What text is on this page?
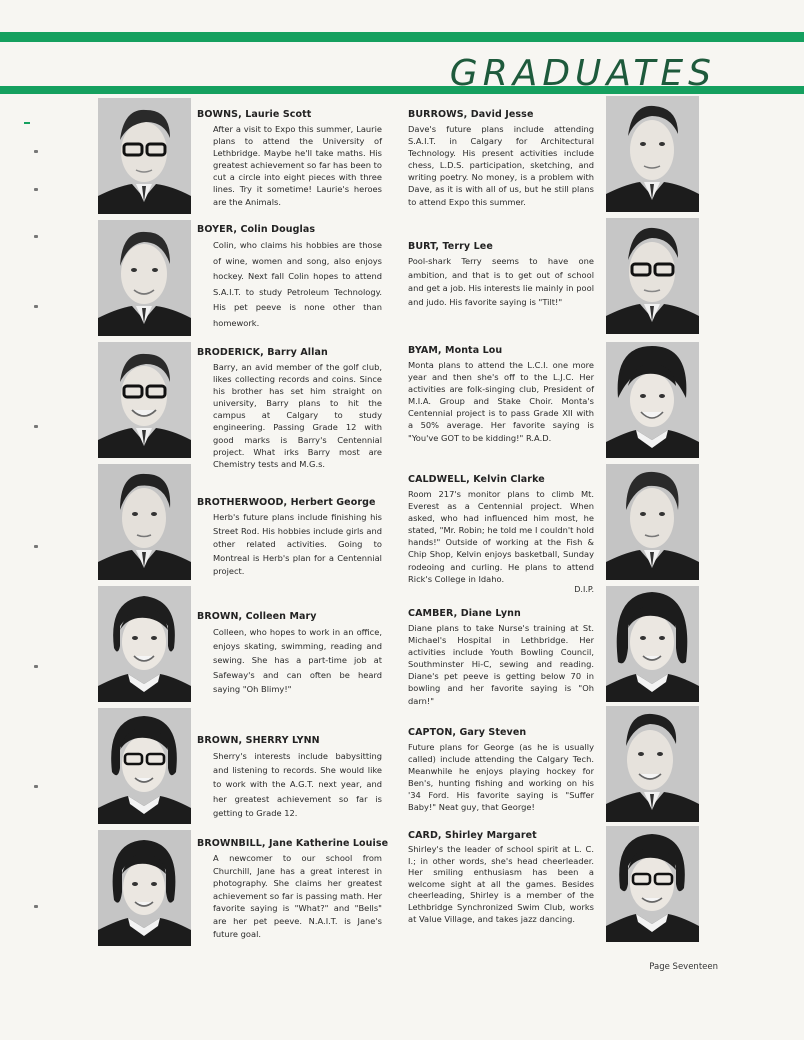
GRADUATES
BOWNS, Laurie Scott
After a visit to Expo this summer, Laurie plans to attend the University of Lethbridge. Maybe he'll take maths. His greatest achievement so far has been to cut a circle into eight pieces with three lines. Try it sometime! Laurie's heroes are the Animals.
BOYER, Colin Douglas
Colin, who claims his hobbies are those of wine, women and song, also enjoys hockey. Next fall Colin hopes to attend S.A.I.T. to study Petroleum Technology. His pet peeve is none other than homework.
BRODERICK, Barry Allan
Barry, an avid member of the golf club, likes collecting records and coins. Since his brother has set him straight on university, Barry plans to hit the campus at Calgary to study engineering. Passing Grade 12 with good marks is Barry's Centennial project. What irks Barry most are Chemistry tests and M.G.s.
BROTHERWOOD, Herbert George
Herb's future plans include finishing his Street Rod. His hobbies include girls and other related activities. Going to Montreal is Herb's plan for a Centennial project.
BROWN, Colleen Mary
Colleen, who hopes to work in an office, enjoys skating, swimming, reading and sewing. She has a part-time job at Safeway's and can often be heard saying "Oh Blimy!"
BROWN, SHERRY LYNN
Sherry's interests include babysitting and listening to records. She would like to work with the A.G.T. next year, and her greatest achievement so far is getting to Grade 12.
BROWNBILL, Jane Katherine Louise
A newcomer to our school from Churchill, Jane has a great interest in photography. She claims her greatest achievement so far is passing math. Her favorite saying is "What?" and "Bells" are her pet peeve. N.A.I.T. is Jane's future goal.
BURROWS, David Jesse
Dave's future plans include attending S.A.I.T. in Calgary for Architectural Technology. His present activities include chess, L.D.S. participation, sketching, and writing poetry. No money, is a problem with Dave, as it is with all of us, but he still plans to attend Expo this summer.
BURT, Terry Lee
Pool-shark Terry seems to have one ambition, and that is to get out of school and get a job. His interests lie mainly in pool and judo. His favorite saying is "Tilt!"
BYAM, Monta Lou
Monta plans to attend the L.C.I. one more year and then she's off to the L.J.C. Her activities are folk-singing club, President of M.I.A. Group and Stake Choir. Monta's Centennial project is to pass Grade XII with a 50% average. Her favorite saying is "You've GOT to be kidding!" R.A.D.
CALDWELL, Kelvin Clarke
Room 217's monitor plans to climb Mt. Everest as a Centennial project. When asked, who had influenced him most, he stated, "Mr. Robin; he told me I couldn't hold hands!" Outside of working at the Fish & Chip Shop, Kelvin enjoys basketball, Sunday rodeoing and curling. He plans to attend Rick's College in Idaho.
D.I.P.
CAMBER, Diane Lynn
Diane plans to take Nurse's training at St. Michael's Hospital in Lethbridge. Her activities include Youth Bowling Council, Southminster Hi-C, sewing and reading. Diane's pet peeve is getting below 70 in bowling and her favorite saying is "Oh darn!"
CAPTON, Gary Steven
Future plans for George (as he is usually called) include attending the Calgary Tech. Meanwhile he enjoys playing hockey for Ben's, hunting fishing and working on his '34 Ford. His favorite saying is "Suffer Baby!" Neat guy, that George!
CARD, Shirley Margaret
Shirley's the leader of school spirit at L. C. I.; in other words, she's head cheerleader. Her smiling enthusiasm has been a welcome sight at all the games. Besides cheerleading, Shirley is a member of the Lethbridge Synchronized Swim Club, works at Value Village, and takes jazz dancing.
Page Seventeen
